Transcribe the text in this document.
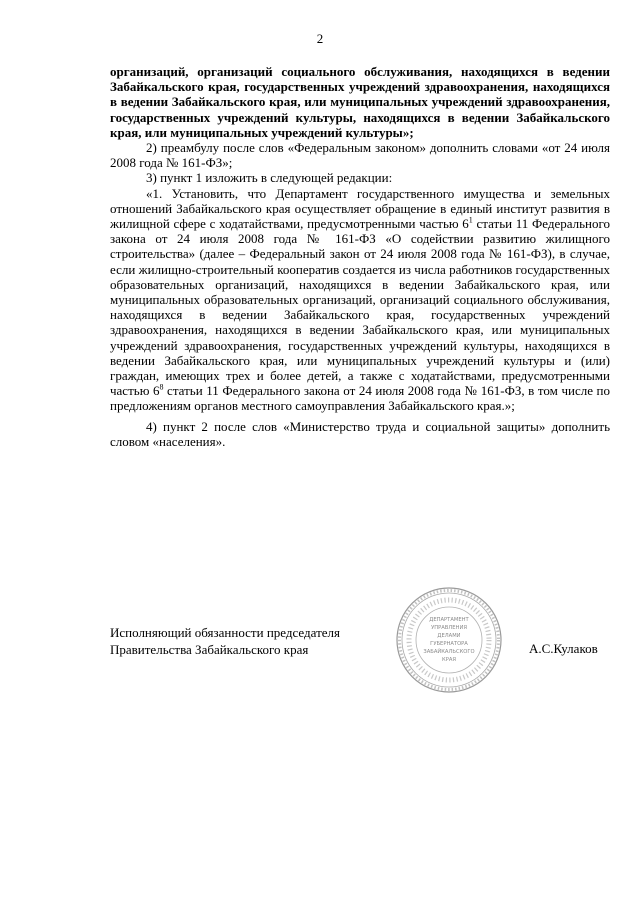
2

организаций, организаций социального обслуживания, находящихся в ведении Забайкальского края, государственных учреждений здравоохранения, находящихся в ведении Забайкальского края, или муниципальных учреждений здравоохранения, государственных учреждений культуры, находящихся в ведении Забайкальского края, или муниципальных учреждений культуры»;

2) преамбулу после слов «Федеральным законом» дополнить словами «от 24 июля 2008 года № 161-ФЗ»;

3) пункт 1 изложить в следующей редакции:

«1. Установить, что Департамент государственного имущества и земельных отношений Забайкальского края осуществляет обращение в единый институт развития в жилищной сфере с ходатайствами, предусмотренными частью $6^1$ статьи 11 Федерального закона от 24 июля 2008 года № 161-ФЗ «О содействии развитию жилищного строительства» (далее – Федеральный закон от 24 июля 2008 года № 161-ФЗ), в случае, если жилищно-строительный кооператив создается из числа работников государственных образовательных организаций, находящихся в ведении Забайкальского края, или муниципальных образовательных организаций, организаций социального обслуживания, находящихся в ведении Забайкальского края, государственных учреждений здравоохранения, находящихся в ведении Забайкальского края, или муниципальных учреждений здравоохранения, государственных учреждений культуры, находящихся в ведении Забайкальского края, или муниципальных учреждений культуры и (или) граждан, имеющих трех и более детей, а также с ходатайствами, предусмотренными частью $6^8$ статьи 11 Федерального закона от 24 июля 2008 года № 161-ФЗ, в том числе по предложениям органов местного самоуправления Забайкальского края.»;

4) пункт 2 после слов «Министерство труда и социальной защиты» дополнить словом «населения».

Исполняющий обязанности председателя
Правительства Забайкальского края
ДЕПАРТАМЕНТ
УПРАВЛЕНИЯ
ДЕЛАМИ
ГУБЕРНАТОРА
ЗАБАЙКАЛЬСКОГО
КРАЯ
А.С.Кулаков
